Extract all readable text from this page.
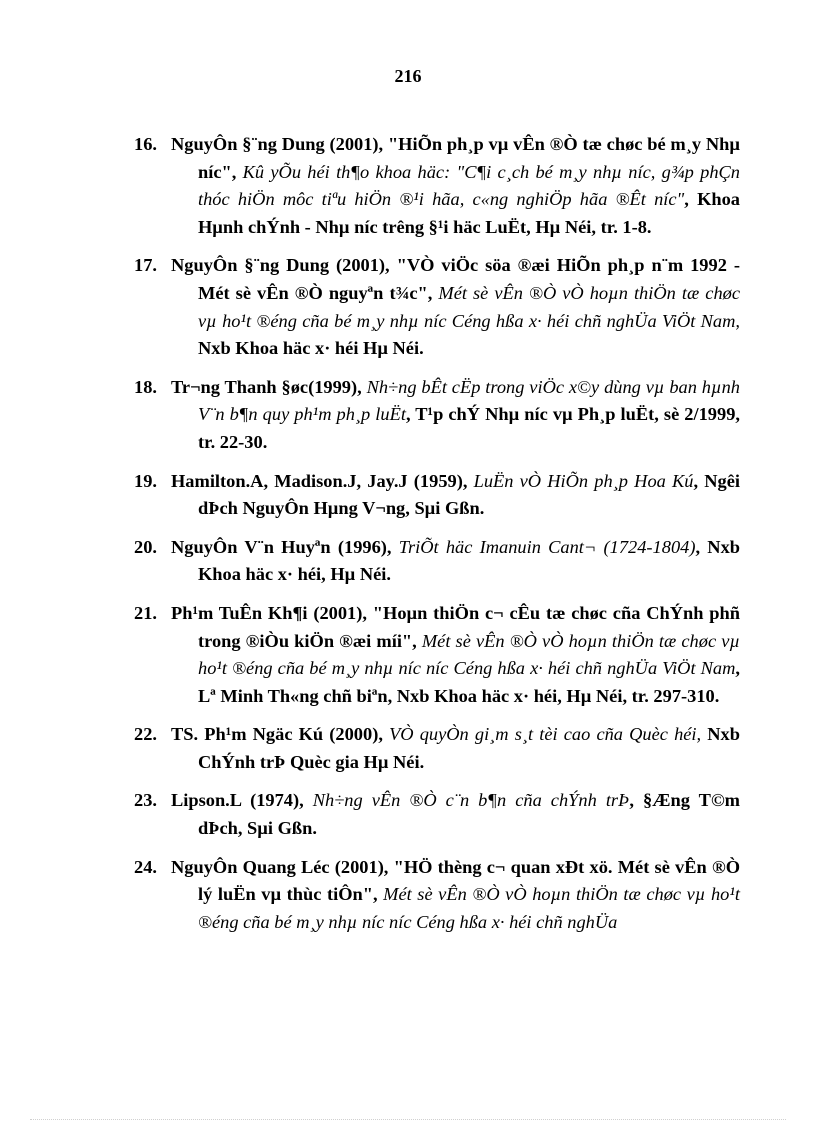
216
16. NguyÔn §¨ng Dung (2001), "HiÕn ph¸p vµ vÊn ®Ò tæ chøc bé m¸y Nhµ níc", Kû yÕu héi th¶o khoa häc: "C¶i c¸ch bé m¸y nhµ níc, g¾p phÇn thóc hiÖn môc tiªu hiÖn ®¹i hãa, c«ng nghiÖp hãa ®Êt níc", Khoa Hµnh chÝnh - Nhµ níc trêng §¹i häc LuËt, Hµ Néi, tr. 1-8.
17. NguyÔn §¨ng Dung (2001), "VÒ viÖc söa ®æi HiÕn ph¸p n¨m 1992 - Mét sè vÊn ®Ò nguyªn t¾c", Mét sè vÊn ®Ò vÒ hoµn thiÖn tæ chøc vµ ho¹t ®éng cña bé m¸y nhµ níc Céng hßa x· héi chñ nghÜa ViÖt Nam, Nxb Khoa häc x· héi Hµ Néi.
18. Tr¬ng Thanh §øc(1999), Nh÷ng bÊt cËp trong viÖc x©y dùng vµ ban hµnh V¨n b¶n quy ph¹m ph¸p luËt, T¹p chÝ Nhµ níc vµ Ph¸p luËt, sè 2/1999, tr. 22-30.
19. Hamilton.A, Madison.J, Jay.J (1959), LuËn vÒ HiÕn ph¸p Hoa Kú, Ngêi dÞch NguyÔn Hµng V¬ng, Sµi Gßn.
20. NguyÔn V¨n Huyªn (1996), TriÕt häc Imanuin Cant¬ (1724-1804), Nxb Khoa häc x· héi, Hµ Néi.
21. Ph¹m TuÊn Kh¶i (2001), "Hoµn thiÖn c¬ cÊu tæ chøc cña ChÝnh phñ trong ®iÒu kiÖn ®æi míi", Mét sè vÊn ®Ò vÒ hoµn thiÖn tæ chøc vµ ho¹t ®éng cña bé m¸y nhµ níc níc Céng hßa x· héi chñ nghÜa ViÖt Nam, Lª Minh Th«ng chñ biªn, Nxb Khoa häc x· héi, Hµ Néi, tr. 297-310.
22. TS. Ph¹m Ngäc Kú (2000), VÒ quyÒn gi¸m s¸t tèi cao cña Quèc héi, Nxb ChÝnh trÞ Quèc gia Hµ Néi.
23. Lipson.L (1974), Nh÷ng vÊn ®Ò c¨n b¶n cña chÝnh trÞ, §Æng T©m dÞch, Sµi Gßn.
24. NguyÔn Quang Léc (2001), "HÖ thèng c¬ quan xÐt xö. Mét sè vÊn ®Ò lý luËn vµ thùc tiÔn", Mét sè vÊn ®Ò vÒ hoµn thiÖn tæ chøc vµ ho¹t ®éng cña bé m¸y nhµ níc níc Céng hßa x· héi chñ nghÜa
